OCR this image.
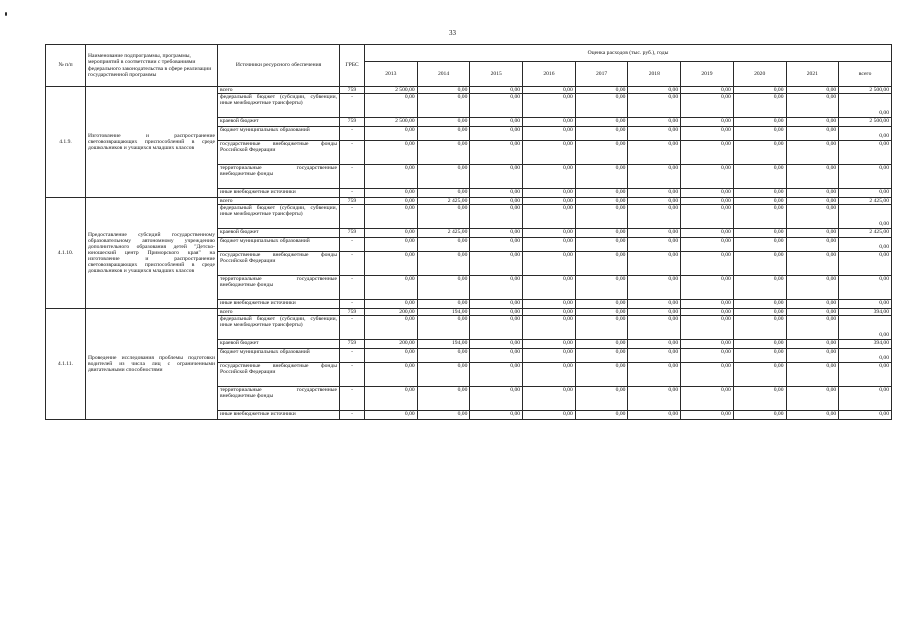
33
№ п/п	Наименование подпрограммы, программы, мероприятий в соответствии с требованиями федерального законодательства в сфере реализации государственной программы	Источники ресурсного обеспечения	ГРБС	Оценка расходов (тыс. руб.), годы									
				2013	2014	2015	2016	2017	2018	2019	2020	2021	всего
4.1.9.	Изготовление и распространение световозвращающих приспособлений в среде дошкольников и учащихся младших классов	всего	759	2 500,00	0,00	0,00	0,00	0,00	0,00	0,00	0,00	0,00	2 500,00
		федеральный бюджет (субсидии, субвенции, иные межбюджетные трансферты)	-	0,00	0,00	0,00	0,00	0,00	0,00	0,00	0,00	0,00	0,00
		краевой бюджет	759	2 500,00	0,00	0,00	0,00	0,00	0,00	0,00	0,00	0,00	2 500,00
		бюджет муниципальных образований	-	0,00	0,00	0,00	0,00	0,00	0,00	0,00	0,00	0,00	0,00
		государственные внебюджетные фонды Российской Федерации	-	0,00	0,00	0,00	0,00	0,00	0,00	0,00	0,00	0,00	0,00
		территориальные государственные внебюджетные фонды	-	0,00	0,00	0,00	0,00	0,00	0,00	0,00	0,00	0,00	0,00
		иные внебюджетные источники	-	0,00	0,00	0,00	0,00	0,00	0,00	0,00	0,00	0,00	0,00
4.1.10.	Предоставление субсидий государственному образовательному автономному учреждению дополнительного образования детей "Детско-юношеский центр Приморского края" на изготовление и распространение световозвращающих приспособлений в среде дошкольников и учащихся младших классов	всего	759	0,00	2 425,00	0,00	0,00	0,00	0,00	0,00	0,00	0,00	2 425,00
		федеральный бюджет (субсидии, субвенции, иные межбюджетные трансферты)	-	0,00	0,00	0,00	0,00	0,00	0,00	0,00	0,00	0,00	0,00
		краевой бюджет	759	0,00	2 425,00	0,00	0,00	0,00	0,00	0,00	0,00	0,00	2 425,00
		бюджет муниципальных образований	-	0,00	0,00	0,00	0,00	0,00	0,00	0,00	0,00	0,00	0,00
		государственные внебюджетные фонды Российской Федерации	-	0,00	0,00	0,00	0,00	0,00	0,00	0,00	0,00	0,00	0,00
		территориальные государственные внебюджетные фонды	-	0,00	0,00	0,00	0,00	0,00	0,00	0,00	0,00	0,00	0,00
		иные внебюджетные источники	-	0,00	0,00	0,00	0,00	0,00	0,00	0,00	0,00	0,00	0,00
4.1.11.	Проведение исследования проблемы подготовки водителей из числа лиц с ограниченными двигательными способностями	всего	759	200,00	194,00	0,00	0,00	0,00	0,00	0,00	0,00	0,00	394,00
		федеральный бюджет (субсидии, субвенции, иные межбюджетные трансферты)	-	0,00	0,00	0,00	0,00	0,00	0,00	0,00	0,00	0,00	0,00
		краевой бюджет	759	200,00	194,00	0,00	0,00	0,00	0,00	0,00	0,00	0,00	394,00
		бюджет муниципальных образований	-	0,00	0,00	0,00	0,00	0,00	0,00	0,00	0,00	0,00	0,00
		государственные внебюджетные фонды Российской Федерации	-	0,00	0,00	0,00	0,00	0,00	0,00	0,00	0,00	0,00	0,00
		территориальные государственные внебюджетные фонды	-	0,00	0,00	0,00	0,00	0,00	0,00	0,00	0,00	0,00	0,00
		иные внебюджетные источники	-	0,00	0,00	0,00	0,00	0,00	0,00	0,00	0,00	0,00	0,00
